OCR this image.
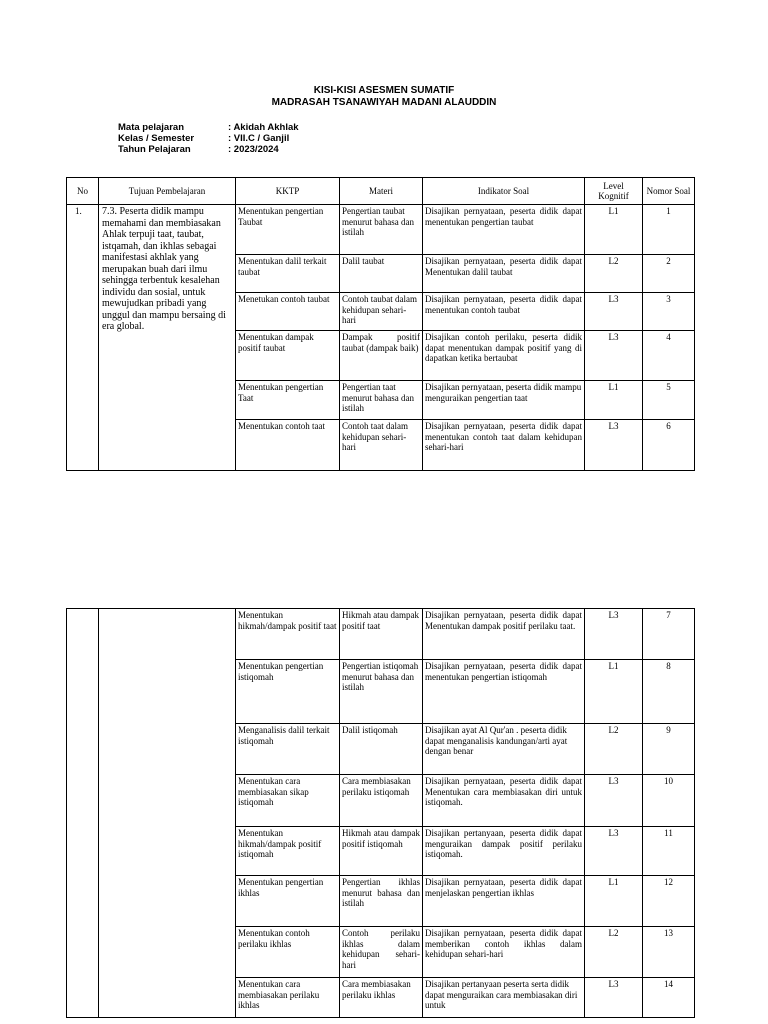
KISI-KISI ASESMEN SUMATIF
MADRASAH TSANAWIYAH MADANI ALAUDDIN
Mata pelajaran	: Akidah Akhlak
Kelas / Semester	: VII.C / Ganjil
Tahun Pelajaran	: 2023/2024
No	Tujuan Pembelajaran	KKTP	Materi	Indikator Soal	Level Kognitif	Nomor Soal
1.	7.3. Peserta didik mampu memahami dan membiasakan Ahlak terpuji taat, taubat, istqamah, dan ikhlas sebagai manifestasi akhlak yang merupakan buah dari ilmu sehingga terbentuk kesalehan individu dan sosial, untuk mewujudkan pribadi yang unggul dan mampu bersaing di era global.	Menentukan pengertian Taubat	Pengertian taubat menurut bahasa dan istilah	Disajikan pernyataan, peserta didik dapat menentukan pengertian taubat	L1	1
		Menentukan dalil terkait taubat	Dalil taubat	Disajikan pernyataan, peserta didik dapat Menentukan dalil taubat	L2	2
		Menetukan contoh taubat	Contoh taubat dalam kehidupan sehari-hari	Disajikan pernyataan, peserta didik dapat menentukan contoh taubat	L3	3
		Menentukan dampak positif taubat	Dampak positif taubat (dampak baik)	Disajikan contoh perilaku, peserta didik dapat menentukan dampak positif yang di dapatkan ketika bertaubat	L3	4
		Menentukan pengertian Taat	Pengertian taat menurut bahasa dan istilah	Disajikan pernyataan, peserta didik mampu menguraikan pengertian taat	L1	5
		Menentukan contoh taat	Contoh taat dalam kehidupan sehari-hari	Disajikan pernyataan, peserta didik dapat menentukan contoh taat dalam kehidupan sehari-hari	L3	6
		Menentukan hikmah/dampak positif taat	Hikmah atau dampak positif taat	Disajikan pernyataan, peserta didik dapat Menentukan dampak positif perilaku taat.	L3	7
		Menentukan pengertian istiqomah	Pengertian istiqomah menurut bahasa dan istilah	Disajikan pernyataan, peserta didik dapat menentukan pengertian istiqomah	L1	8
		Menganalisis dalil terkait istiqomah	Dalil istiqomah	Disajikan ayat Al Qur'an . peserta didik dapat menganalisis kandungan/arti ayat dengan benar	L2	9
		Menentukan cara membiasakan sikap istiqomah	Cara membiasakan perilaku istiqomah	Disajikan pernyataan, peserta didik dapat Menentukan cara membiasakan diri untuk istiqomah.	L3	10
		Menentukan hikmah/dampak positif istiqomah	Hikmah atau dampak positif istiqomah	Disajikan pertanyaan, peserta didik dapat menguraikan dampak positif perilaku istiqomah.	L3	11
		Menentukan pengertian ikhlas	Pengertian ikhlas menurut bahasa dan istilah	Disajikan pernyataan, peserta didik dapat menjelaskan pengertian ikhlas	L1	12
		Menentukan contoh perilaku ikhlas	Contoh perilaku ikhlas dalam kehidupan sehari-hari	Disajikan pernyataan, peserta didik dapat memberikan contoh ikhlas dalam kehidupan sehari-hari	L2	13
		Menentukan cara membiasakan perilaku ikhlas	Cara membiasakan perilaku ikhlas	Disajikan pertanyaan peserta serta didik dapat menguraikan cara membiasakan diri untuk	L3	14
